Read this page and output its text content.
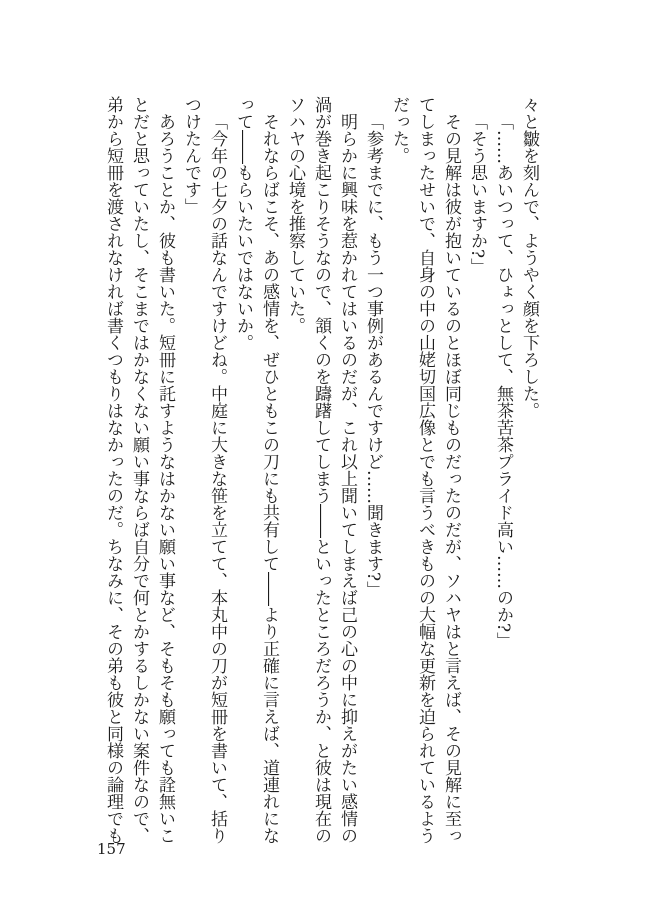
々と皺を刻んで、ようやく顔を下ろした。

「……あいつって、ひょっとして、無茶苦茶プライド高い……のか?」

「そう思いますか?」

その見解は彼が抱いているのとほぼ同じものだったのだが、ソハヤはと言えば、その見解に至ってしまったせいで、自身の中の山姥切国広像とでも言うべきものの大幅な更新を迫られているようだった。

「参考までに、もう一つ事例があるんですけど……聞きます?」

明らかに興味を惹かれてはいるのだが、これ以上聞いてしまえば己の心の中に抑えがたい感情の渦が巻き起こりそうなので、頷くのを躊躇してしまう――といったところだろうか、と彼は現在のソハヤの心境を推察していた。

それならばこそ、あの感情を、ぜひともこの刀にも共有して――より正確に言えば、道連れになって――もらいたいではないか。

「今年の七夕の話なんですけどね。中庭に大きな笹を立てて、本丸中の刀が短冊を書いて、括りつけたんです」

あろうことか、彼も書いた。短冊に託すようなはかない願い事など、そもそも願っても詮無いことだと思っていたし、そこまではかなくない願い事ならば自分で何とかするしかない案件なので、弟から短冊を渡されなければ書くつもりはなかったのだ。ちなみに、その弟も彼と同様の論理でも

157
